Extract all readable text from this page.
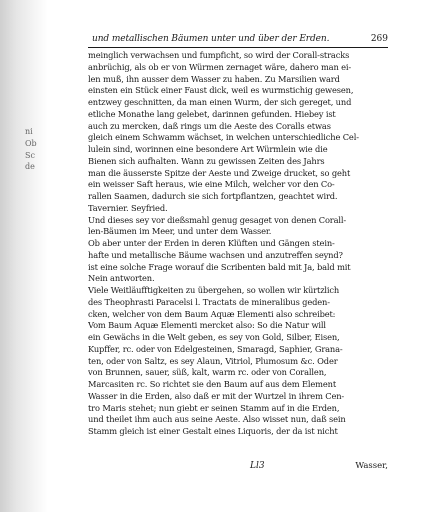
ni
Ob
Sc
de
und metallischen Bäumen unter und über der Erden.	269
meinglich verwachsen und fumpficht, so wird der Corall-stracks
anbrüchig, als ob er von Würmen zernaget wäre, dahero man ei-
len muß, ihn ausser dem Wasser zu haben. Zu Marsilien ward
einsten ein Stück einer Faust dick, weil es wurmstichig gewesen,
entzwey geschnitten, da man einen Wurm, der sich gereget, und
etliche Monathe lang gelebet, darinnen gefunden. Hiebey ist
auch zu mercken, daß rings um die Aeste des Coralls etwas
gleich einem Schwamm wächset, in welchen unterschiedliche Cel-
lulein sind, worinnen eine besondere Art Würmlein wie die
Bienen sich aufhalten. Wann zu gewissen Zeiten des Jahrs
man die äusserste Spitze der Aeste und Zweige drucket, so geht
ein weisser Saft heraus, wie eine Milch, welcher vor den Co-
rallen Saamen, dadurch sie sich fortpflantzen, geachtet wird.
Tavernier. Seyfried.
Und dieses sey vor dießsmahl genug gesaget von denen Corall-
len-Bäumen im Meer, und unter dem Wasser.
Ob aber unter der Erden in deren Klüften und Gängen stein-
hafte und metallische Bäume wachsen und anzutreffen seynd?
ist eine solche Frage worauf die Scribenten bald mit Ja, bald mit
Nein antworten.
Viele Weitläufftigkeiten zu übergehen, so wollen wir kürtzlich
des Theophrasti Paracelsi l. Tractats de mineralibus geden-
cken, welcher von dem Baum Aquæ Elementi also schreibet:
Vom Baum Aquæ Elementi mercket also: So die Natur will
ein Gewächs in die Welt geben, es sey von Gold, Silber, Eisen,
Kupffer, rc. oder von Edelgesteinen, Smaragd, Saphier, Grana-
ten, oder von Saltz, es sey Alaun, Vitriol, Plumosum &c. Oder
von Brunnen, sauer, süß, kalt, warm rc. oder von Corallen,
Marcasiten rc. So richtet sie den Baum auf aus dem Element
Wasser in die Erden, also daß er mit der Wurtzel in ihrem Cen-
tro Maris stehet; nun giebt er seinen Stamm auf in die Erden,
und theilet ihm auch aus seine Aeste. Also wisset nun, daß sein
Stamm gleich ist einer Gestalt eines Liquoris, der da ist nicht
Ll3	Wasser,
